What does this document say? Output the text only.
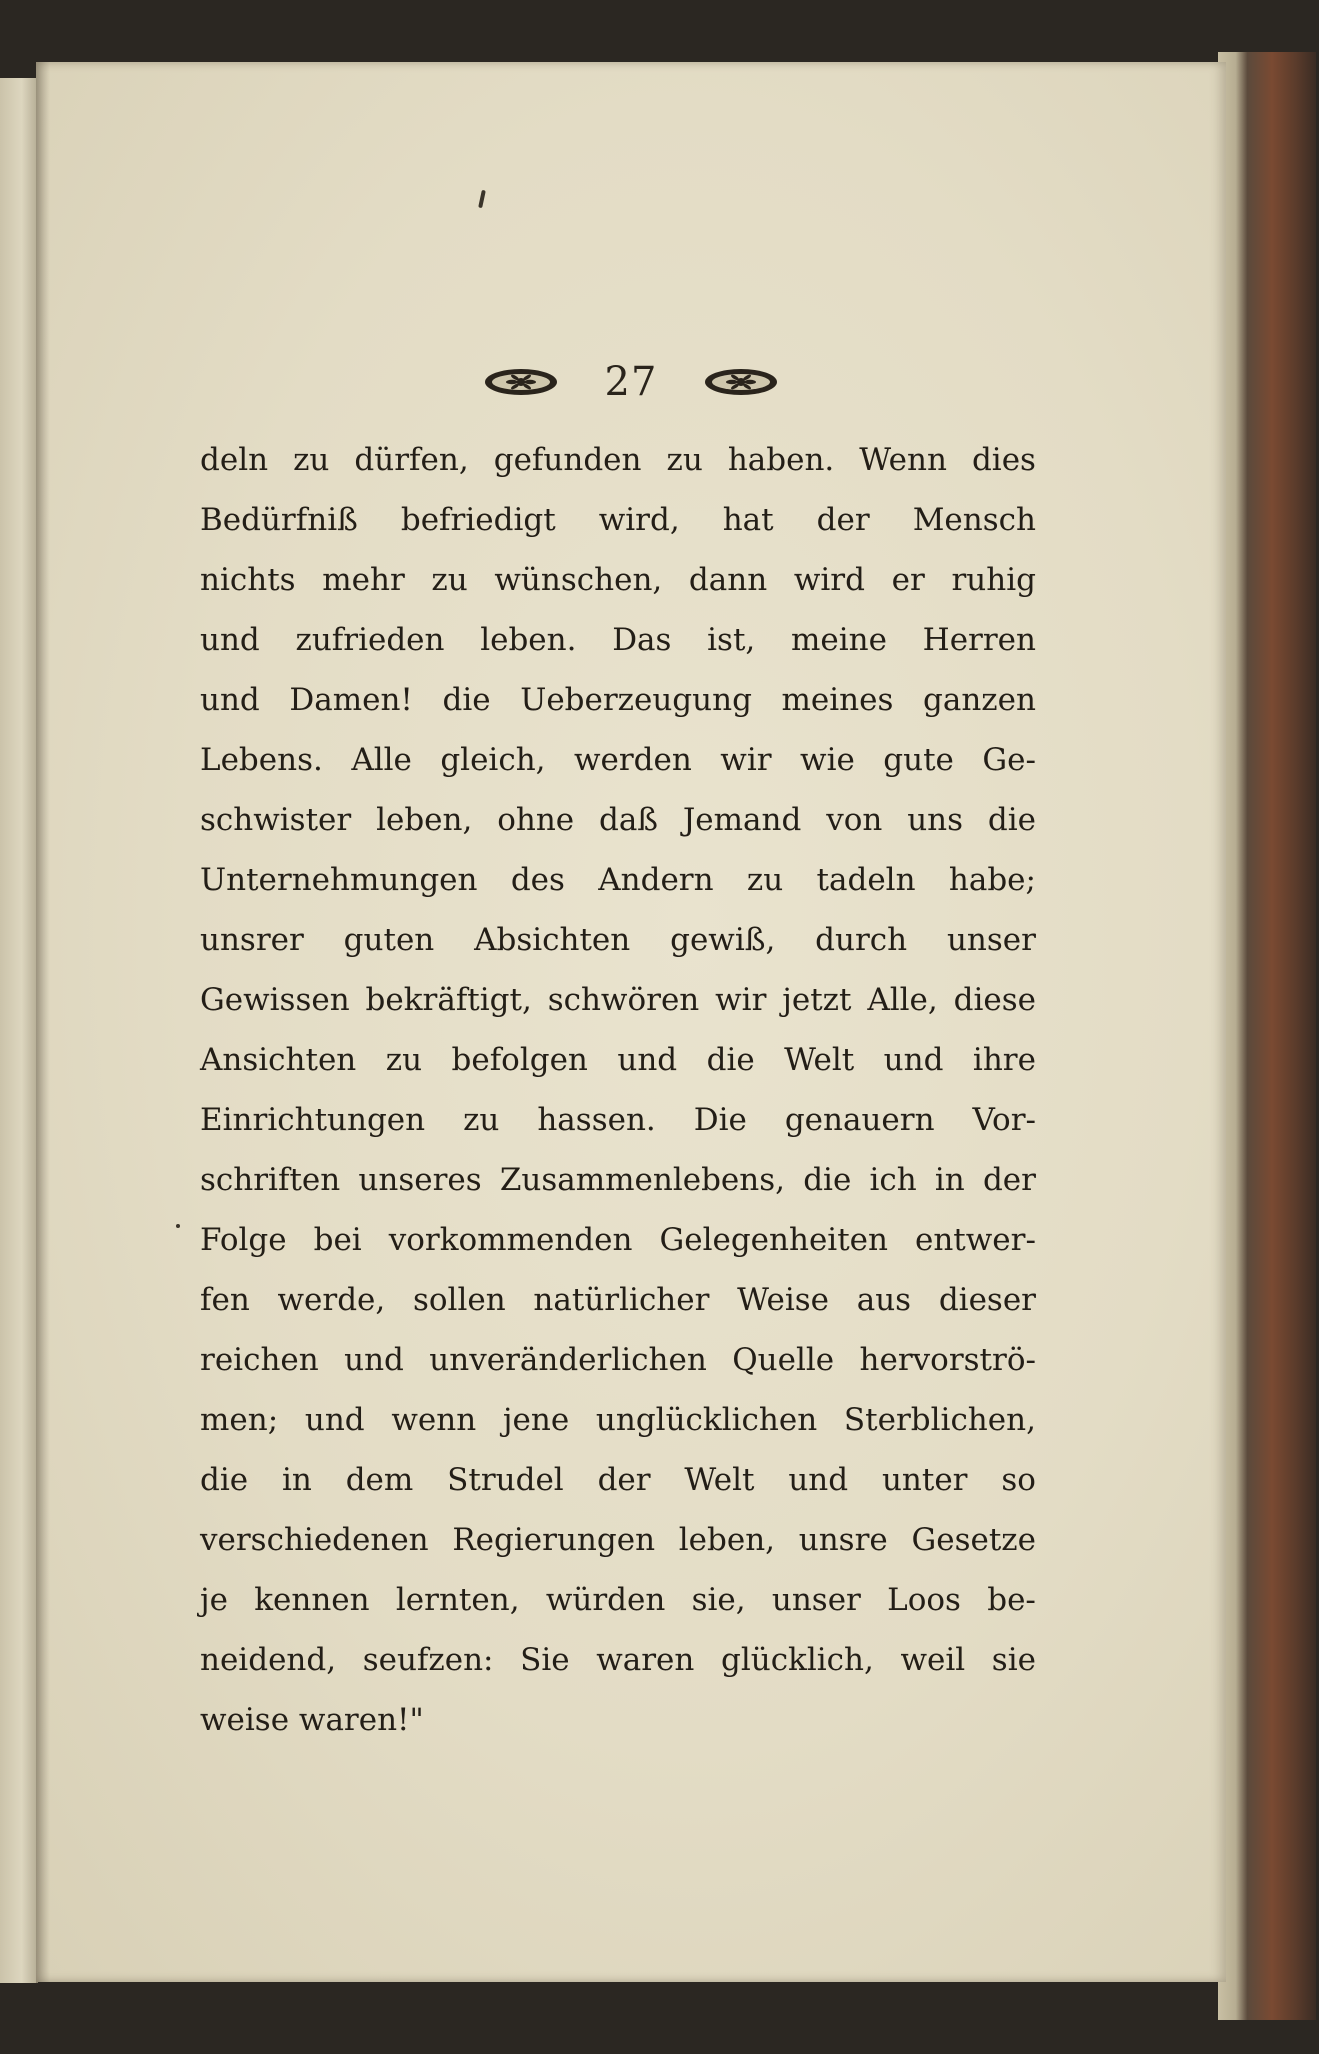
27
deln zu dürfen, gefunden zu haben. Wenn dies
Bedürfniß befriedigt wird, hat der Mensch
nichts mehr zu wünschen, dann wird er ruhig
und zufrieden leben. Das ist, meine Herren
und Damen! die Ueberzeugung meines ganzen
Lebens. Alle gleich, werden wir wie gute Ge-
schwister leben, ohne daß Jemand von uns die
Unternehmungen des Andern zu tadeln habe;
unsrer guten Absichten gewiß, durch unser
Gewissen bekräftigt, schwören wir jetzt Alle, diese
Ansichten zu befolgen und die Welt und ihre
Einrichtungen zu hassen. Die genauern Vor-
schriften unseres Zusammenlebens, die ich in der
Folge bei vorkommenden Gelegenheiten entwer-
fen werde, sollen natürlicher Weise aus dieser
reichen und unveränderlichen Quelle hervorströ-
men; und wenn jene unglücklichen Sterblichen,
die in dem Strudel der Welt und unter so
verschiedenen Regierungen leben, unsre Gesetze
je kennen lernten, würden sie, unser Loos be-
neidend, seufzen: Sie waren glücklich, weil sie
weise waren!"
